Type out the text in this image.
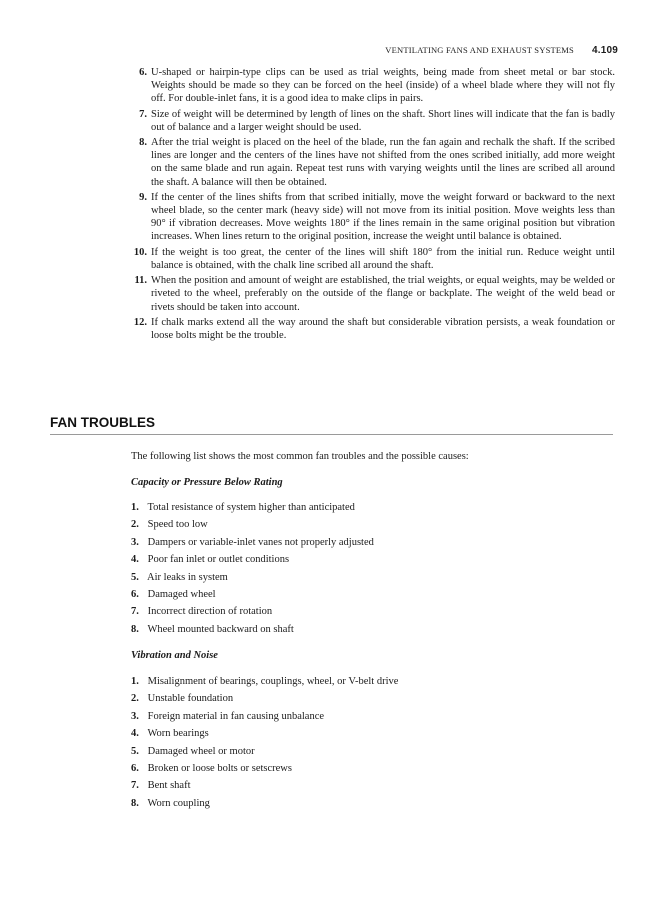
VENTILATING FANS AND EXHAUST SYSTEMS 4.109
6. U-shaped or hairpin-type clips can be used as trial weights, being made from sheet metal or bar stock. Weights should be made so they can be forced on the heel (inside) of a wheel blade where they will not fly off. For double-inlet fans, it is a good idea to make clips in pairs.
7. Size of weight will be determined by length of lines on the shaft. Short lines will indicate that the fan is badly out of balance and a larger weight should be used.
8. After the trial weight is placed on the heel of the blade, run the fan again and rechalk the shaft. If the scribed lines are longer and the centers of the lines have not shifted from the ones scribed initially, add more weight on the same blade and run again. Repeat test runs with varying weights until the lines are scribed all around the shaft. A balance will then be obtained.
9. If the center of the lines shifts from that scribed initially, move the weight forward or backward to the next wheel blade, so the center mark (heavy side) will not move from its initial position. Move weights less than 90° if vibration decreases. Move weights 180° if the lines remain in the same original position but vibration increases. When lines return to the original position, increase the weight until balance is obtained.
10. If the weight is too great, the center of the lines will shift 180° from the initial run. Reduce weight until balance is obtained, with the chalk line scribed all around the shaft.
11. When the position and amount of weight are established, the trial weights, or equal weights, may be welded or riveted to the wheel, preferably on the outside of the flange or backplate. The weight of the weld bead or rivets should be taken into account.
12. If chalk marks extend all the way around the shaft but considerable vibration persists, a weak foundation or loose bolts might be the trouble.
FAN TROUBLES

The following list shows the most common fan troubles and the possible causes:

Capacity or Pressure Below Rating

1. Total resistance of system higher than anticipated
2. Speed too low
3. Dampers or variable-inlet vanes not properly adjusted
4. Poor fan inlet or outlet conditions
5. Air leaks in system
6. Damaged wheel
7. Incorrect direction of rotation
8. Wheel mounted backward on shaft

Vibration and Noise

1. Misalignment of bearings, couplings, wheel, or V-belt drive
2. Unstable foundation
3. Foreign material in fan causing unbalance
4. Worn bearings
5. Damaged wheel or motor
6. Broken or loose bolts or setscrews
7. Bent shaft
8. Worn coupling
